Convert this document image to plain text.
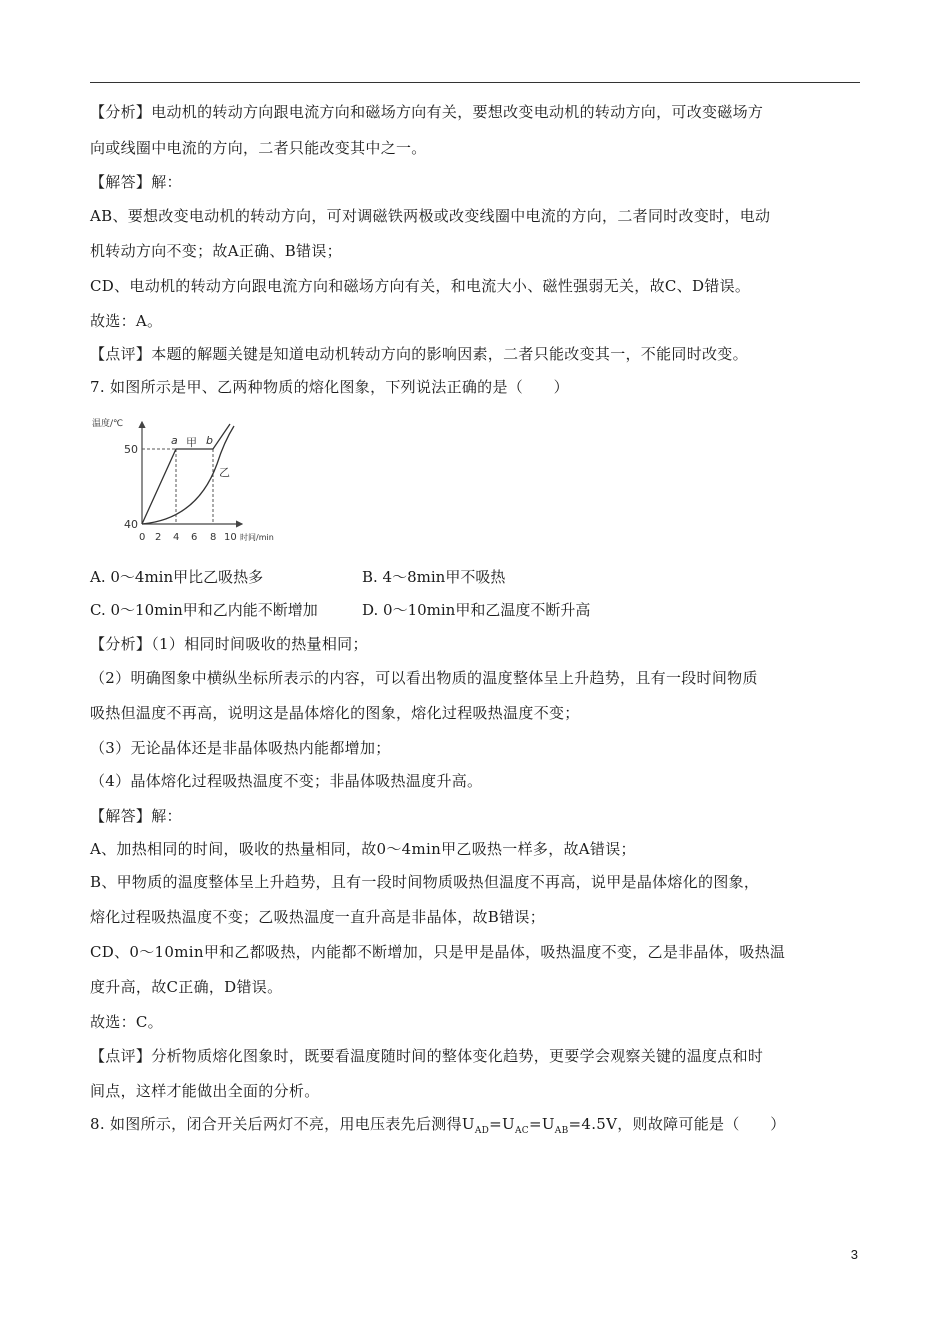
【分析】电动机的转动方向跟电流方向和磁场方向有关，要想改变电动机的转动方向，可改变磁场方
向或线圈中电流的方向，二者只能改变其中之一。
【解答】解：
AB、要想改变电动机的转动方向，可对调磁铁两极或改变线圈中电流的方向，二者同时改变时，电动
机转动方向不变；故A正确、B错误；
CD、电动机的转动方向跟电流方向和磁场方向有关，和电流大小、磁性强弱无关，故C、D错误。
故选：A。
【点评】本题的解题关键是知道电动机转动方向的影响因素，二者只能改变其一，不能同时改变。
7. 如图所示是甲、乙两种物质的熔化图象，下列说法正确的是（　　）
温度/℃
50
40
a	b
甲
乙
0 2 4 6 8 10 时间/min
A. 0～4min甲比乙吸热多	B. 4～8min甲不吸热
C. 0～10min甲和乙内能不断增加	D. 0～10min甲和乙温度不断升高
【分析】（1）相同时间吸收的热量相同；
（2）明确图象中横纵坐标所表示的内容，可以看出物质的温度整体呈上升趋势，且有一段时间物质
吸热但温度不再高，说明这是晶体熔化的图象，熔化过程吸热温度不变；
（3）无论晶体还是非晶体吸热内能都增加；
（4）晶体熔化过程吸热温度不变；非晶体吸热温度升高。
【解答】解：
A、加热相同的时间，吸收的热量相同，故0～4min甲乙吸热一样多，故A错误；
B、甲物质的温度整体呈上升趋势，且有一段时间物质吸热但温度不再高，说甲是晶体熔化的图象，
熔化过程吸热温度不变；乙吸热温度一直升高是非晶体，故B错误；
CD、0～10min甲和乙都吸热，内能都不断增加，只是甲是晶体，吸热温度不变，乙是非晶体，吸热温
度升高，故C正确，D错误。
故选：C。
【点评】分析物质熔化图象时，既要看温度随时间的整体变化趋势，更要学会观察关键的温度点和时
间点，这样才能做出全面的分析。
8. 如图所示，闭合开关后两灯不亮，用电压表先后测得$U_{AD}=U_{AC}=U_{AB}=4.5V$，则故障可能是（　　）
3
